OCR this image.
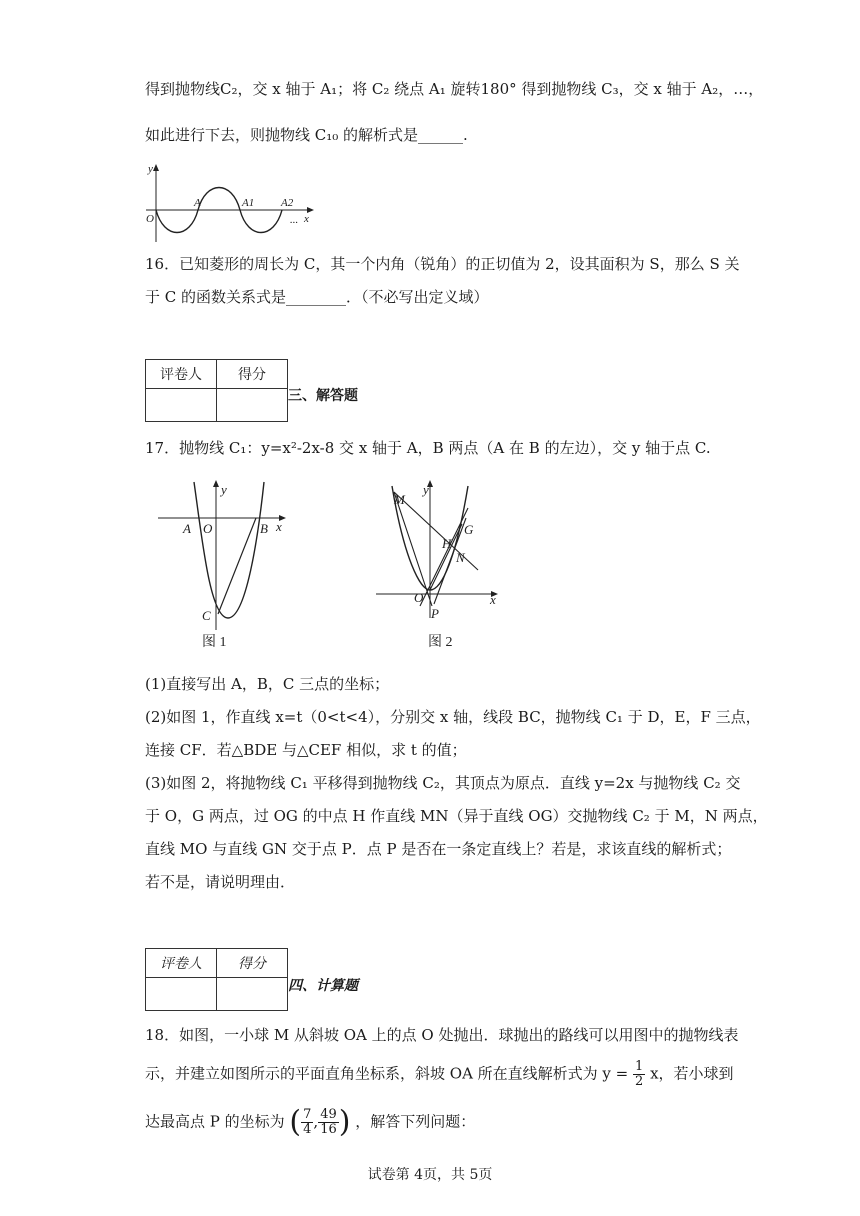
得到抛物线C₂，交 x 轴于 A₁；将 C₂ 绕点 A₁ 旋转180° 得到抛物线 C₃，交 x 轴于 A₂，…，
如此进行下去，则抛物线 C₁₀ 的解析式是______.
y
O
A	A1 A2
... x
16．已知菱形的周长为 C，其一个内角（锐角）的正切值为 2，设其面积为 S，那么 S 关
于 C 的函数关系式是________．（不必写出定义域）
评卷人	得分

三、解答题
17．抛物线 C₁：y=x²-2x-8 交 x 轴于 A，B 两点（A 在 B 的左边），交 y 轴于点 C.
y
A O	B x
C
图 1
M
y
G
H
N
O
P
x
图 2
(1)直接写出 A，B，C 三点的坐标；
(2)如图 1，作直线 x=t（0<t<4），分别交 x 轴，线段 BC，抛物线 C₁ 于 D，E，F 三点，
连接 CF．若△BDE 与△CEF 相似，求 t 的值；
(3)如图 2，将抛物线 C₁ 平移得到抛物线 C₂，其顶点为原点．直线 y=2x 与抛物线 C₂ 交
于 O，G 两点，过 OG 的中点 H 作直线 MN（异于直线 OG）交抛物线 C₂ 于 M，N 两点，
直线 MO 与直线 GN 交于点 P．点 P 是否在一条定直线上？若是，求该直线的解析式；
若不是，请说明理由．
评卷人	得分

四、计算题
18．如图，一小球 M 从斜坡 OA 上的点 O 处抛出．球抛出的路线可以用图中的抛物线表
示，并建立如图所示的平面直角坐标系，斜坡 OA 所在直线解析式为 $y = \frac{1}{2}$ x，若小球到
达最高点 P 的坐标为 ( $\frac{7}{4}$ , $\frac{49}{16}$ ) ，解答下列问题：
试卷第 4页，共 5页
